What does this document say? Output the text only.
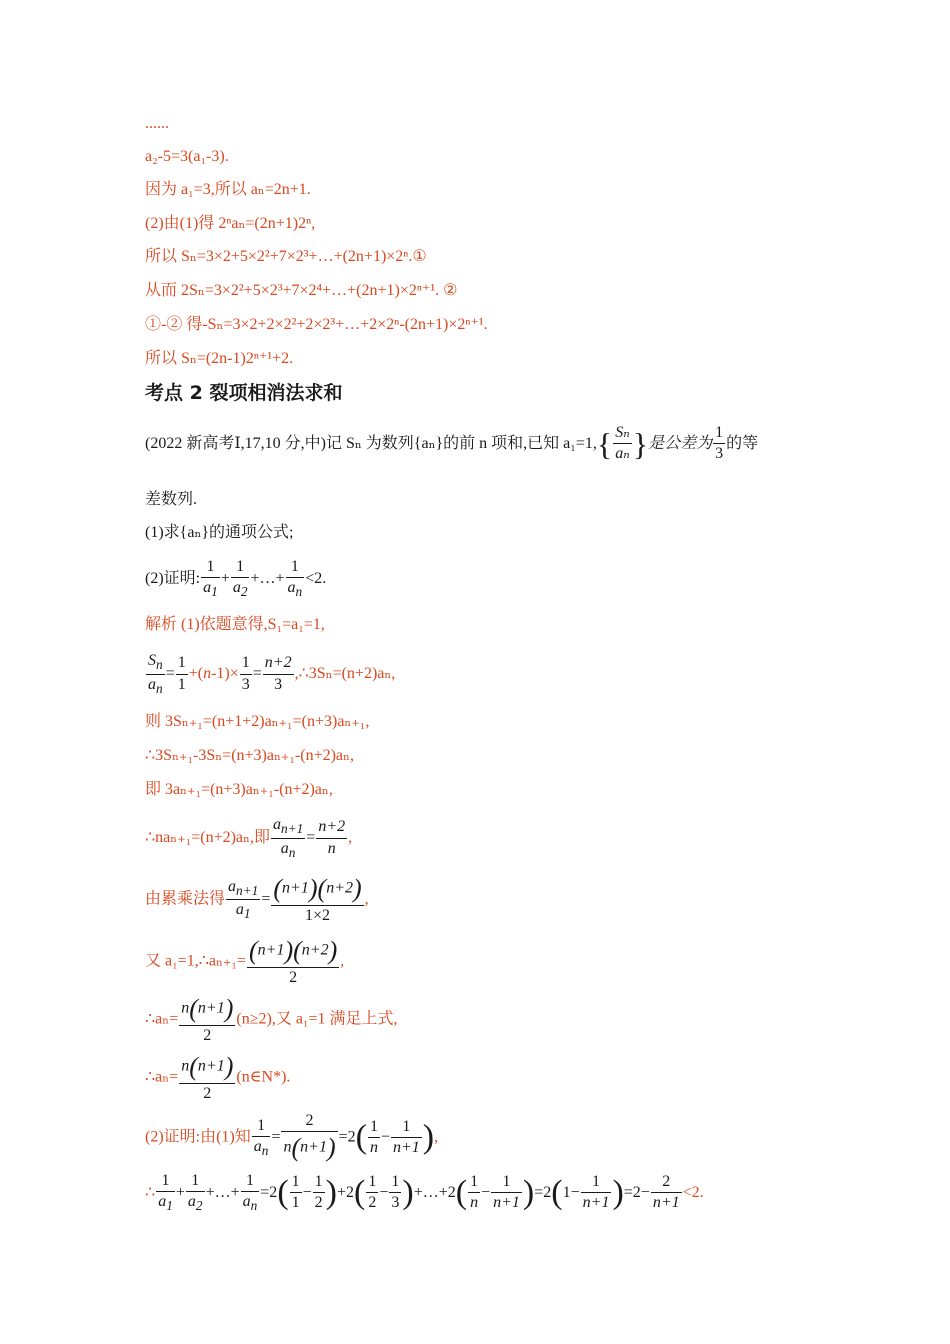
......
a₂-5=3(a₁-3).
因为 a₁=3,所以 aₙ=2n+1.
(2)由(1)得 2ⁿaₙ=(2n+1)2ⁿ,
所以 Sₙ=3×2+5×2²+7×2³+…+(2n+1)×2ⁿ.①
从而 2Sₙ=3×2²+5×2³+7×2⁴+…+(2n+1)×2ⁿ⁺¹. ②
①-② 得-Sₙ=3×2+2×2²+2×2³+…+2×2ⁿ-(2n+1)×2ⁿ⁺¹.
所以 Sₙ=(2n-1)2ⁿ⁺¹+2.
考点 2 裂项相消法求和
(2022 新高考Ⅰ,17,10 分,中)记 Sₙ 为数列{aₙ}的前 n 项和,已知 $a_1=1,\{ \frac{\text{Sₙ}}{\text{aₙ}}$ }是公差为 $\frac{1}{3}$ 的等
差数列.
(1)求{aₙ}的通项公式;
(2)证明: $\frac{1}{a_1} + \frac{1}{a_2}$ +…+ $\frac{1}{a_n} <2$.
解析 (1)依题意得,S₁=a₁=1,
$\frac{S_n}{a_n} = \frac{1}{1} +(n-1)\times \frac{1}{3} = \frac{n+2}{3}$ ,∴3Sₙ=(n+2)aₙ,
则 3Sₙ₊₁=(n+1+2)aₙ₊₁=(n+3)aₙ₊₁,
∴3Sₙ₊₁-3Sₙ=(n+3)aₙ₊₁-(n+2)aₙ,
即 3aₙ₊₁=(n+3)aₙ₊₁-(n+2)aₙ,
∴naₙ₊₁=(n+2)aₙ,即 $\frac{a_{n+1}}{a_n} = \frac{n+2}{n}$ ,
由累乘法得 $\frac{a_{n+1}}{a_1} = \frac{(n+1)(n+2)}{1\times 2}$ ,
又 a₁=1,∴aₙ₊₁= $\frac{(n+1)(n+2)}{2}$ ,
∴aₙ= $\frac{n(n+1)}{2} (n\ge 2)$,又 a₁=1 满足上式,
∴aₙ= $\frac{n(n+1)}{2}$ (n∈N*).
(2)证明:由(1)知 $\frac{1}{a_n} = \frac{2}{n(n+1)} =2( \frac{1}{n} - \frac{1}{n+1}$ ),
∴ $\frac{1}{a_1} + \frac{1}{a_2}$ +…+ $\frac{1}{a_n} =2( \frac{1}{1} - \frac{1}{2} )+2( \frac{1}{2} - \frac{1}{3}$ )+…+2( $\frac{1}{n} - \frac{1}{n+1} )=2(1- \frac{1}{n+1} )=2- \frac{2}{n+1} <2$.
